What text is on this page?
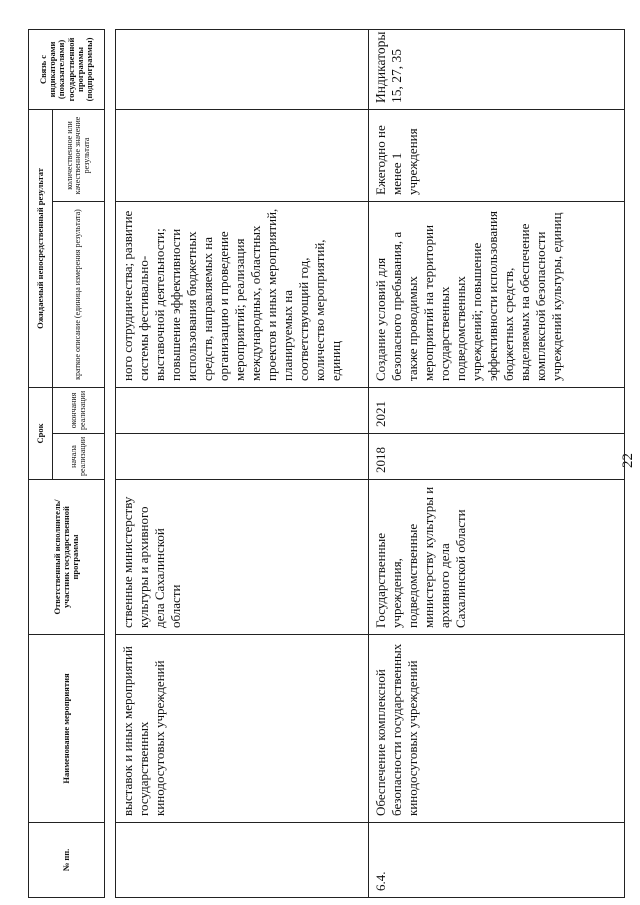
22
№ пп.	Наименование мероприятия	Ответственный исполнитель/участник государственной программы	Срок		Ожидаемый непосредственный результат		Связь с индикаторами (показателями) государственной программы (подпрограммы)
			начала реализации	окончания реализации	краткое описание (единица измерения результата)	количественное или качественное значение результата	

	выставок и иных мероприятий государственных кинодосуговых учреждений	ственные министерству культуры и архивного дела Сахалинской области			ного сотрудничества; развитие системы фестивально-выставочной деятельности; повышение эффективности использования бюджетных средств, направляемых на организацию и проведение мероприятий; реализация международных, областных проектов и иных мероприятий, планируемых на соответствующий год, количество мероприятий, единиц		
6.4.	Обеспечение комплексной безопасности государственных кинодосуговых учреждений	Государственные учреждения, подведомственные министерству культуры и архивного дела Сахалинской области	2018	2021	Создание условий для безопасного пребывания, а также проводимых мероприятий на территории государственных подведомственных учреждений; повышение эффективности использования бюджетных средств, выделяемых на обеспечение комплексной безопасности учреждений культуры, единиц	Ежегодно не менее 1 учреждения	Индикаторы 15, 27, 35
